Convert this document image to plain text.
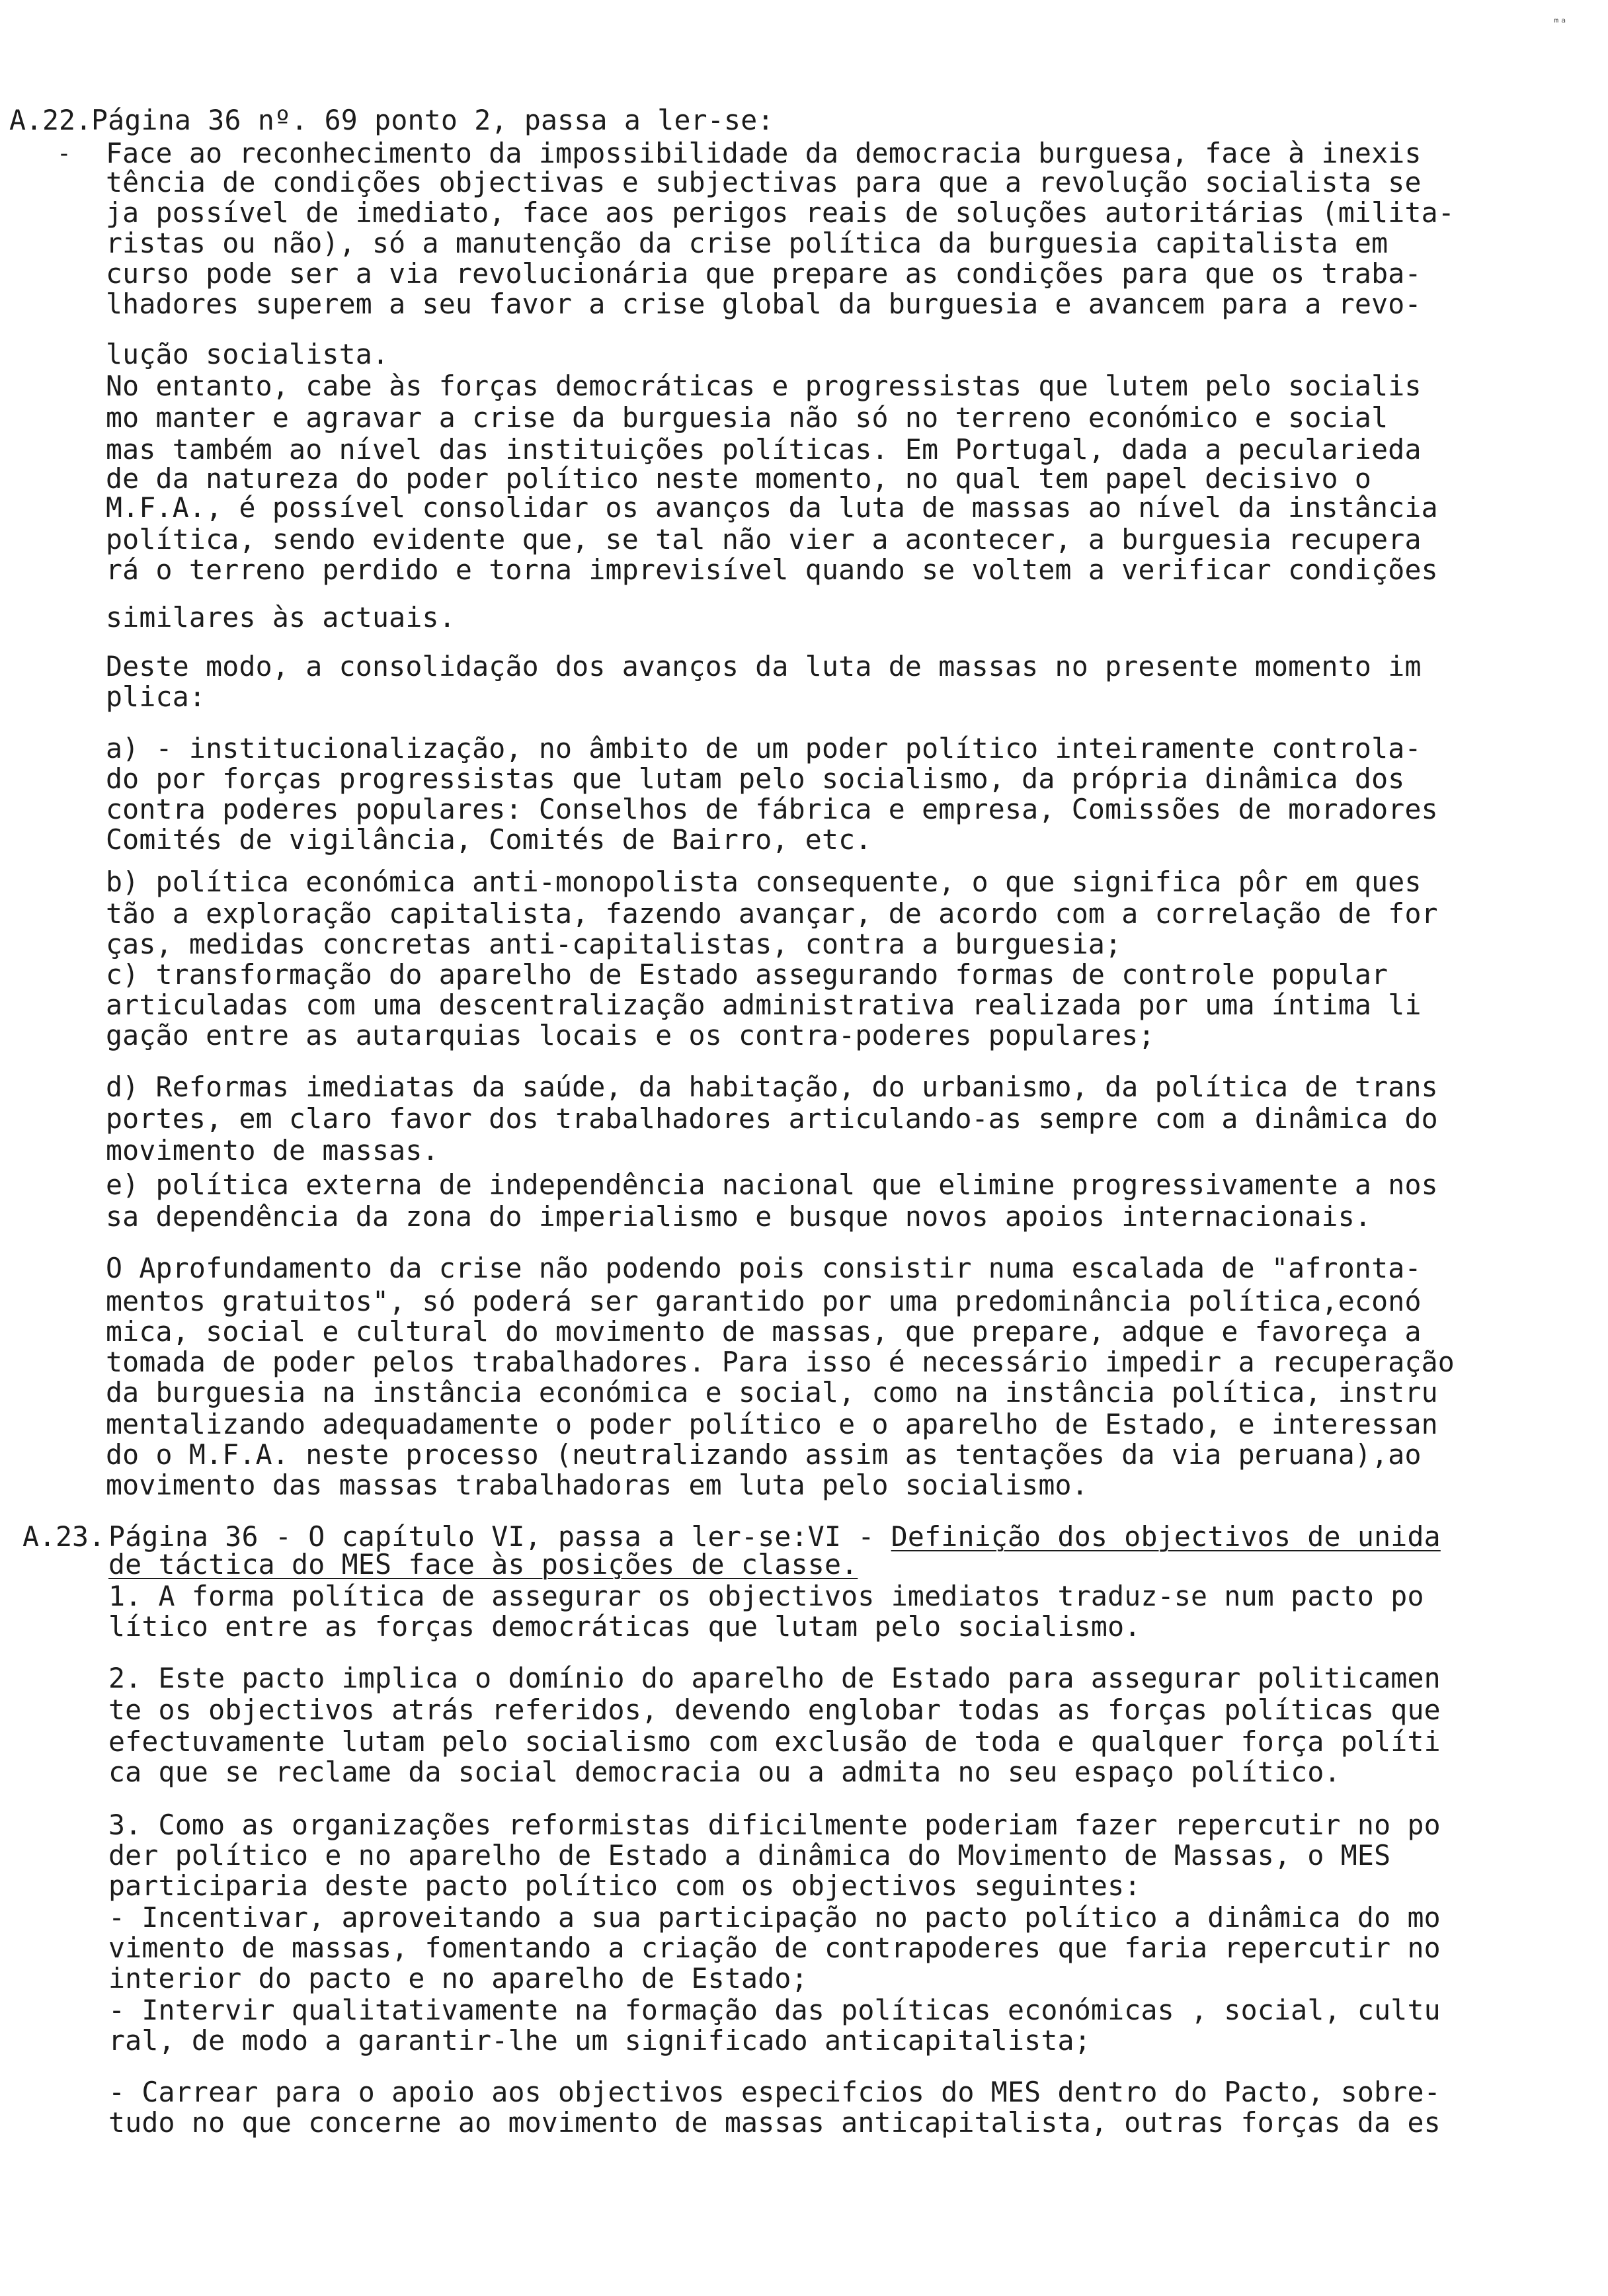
ᵐᵃ
A.22. Página 36 nº. 69 ponto 2, passa a ler-se:
- Face ao reconhecimento da impossibilidade da democracia burguesa, face à inexis
tência de condições objectivas e subjectivas para que a revolução socialista se
ja possível de imediato, face aos perigos reais de soluções autoritárias (milita-
ristas ou não), só a manutenção da crise política da burguesia capitalista em
curso pode ser a via revolucionária que prepare as condições para que os traba-
lhadores superem a seu favor a crise global da burguesia e avancem para a revo-
lução socialista.
No entanto, cabe às forças democráticas e progressistas que lutem pelo socialis
mo manter e agravar a crise da burguesia não só no terreno económico e social
mas também ao nível das instituições políticas. Em Portugal, dada a pecularieda
de da natureza do poder político neste momento, no qual tem papel decisivo o
M.F.A., é possível consolidar os avanços da luta de massas ao nível da instância
política, sendo evidente que, se tal não vier a acontecer, a burguesia recupera
rá o terreno perdido e torna imprevisível quando se voltem a verificar condições
similares às actuais.
Deste modo, a consolidação dos avanços da luta de massas no presente momento im
plica:
a) - institucionalização, no âmbito de um poder político inteiramente controla-
do por forças progressistas que lutam pelo socialismo, da própria dinâmica dos
contra poderes populares: Conselhos de fábrica e empresa, Comissões de moradores
Comités de vigilância, Comités de Bairro, etc.
b) política económica anti-monopolista consequente, o que significa pôr em ques
tão a exploração capitalista, fazendo avançar, de acordo com a correlação de for
ças, medidas concretas anti-capitalistas, contra a burguesia;
c) transformação do aparelho de Estado assegurando formas de controle popular
articuladas com uma descentralização administrativa realizada por uma íntima li
gação entre as autarquias locais e os contra-poderes populares;
d) Reformas imediatas da saúde, da habitação, do urbanismo, da política de trans
portes, em claro favor dos trabalhadores articulando-as sempre com a dinâmica do
movimento de massas.
e) política externa de independência nacional que elimine progressivamente a nos
sa dependência da zona do imperialismo e busque novos apoios internacionais.
O Aprofundamento da crise não podendo pois consistir numa escalada de "afronta-
mentos gratuitos", só poderá ser garantido por uma predominância política,econó
mica, social e cultural do movimento de massas, que prepare, adque e favoreça a
tomada de poder pelos trabalhadores. Para isso é necessário impedir a recuperação
da burguesia na instância económica e social, como na instância política, instru
mentalizando adequadamente o poder político e o aparelho de Estado, e interessan
do o M.F.A. neste processo (neutralizando assim as tentações da via peruana),ao
movimento das massas trabalhadoras em luta pelo socialismo.
A.23. Página 36 - O capítulo VI, passa a ler-se:VI - Definição dos objectivos de unida
de táctica do MES face às posições de classe.
1. A forma política de assegurar os objectivos imediatos traduz-se num pacto po
lítico entre as forças democráticas que lutam pelo socialismo.
2. Este pacto implica o domínio do aparelho de Estado para assegurar politicamen
te os objectivos atrás referidos, devendo englobar todas as forças políticas que
efectuvamente lutam pelo socialismo com exclusão de toda e qualquer força políti
ca que se reclame da social democracia ou a admita no seu espaço político.
3. Como as organizações reformistas dificilmente poderiam fazer repercutir no po
der político e no aparelho de Estado a dinâmica do Movimento de Massas, o MES
participaria deste pacto político com os objectivos seguintes:
- Incentivar, aproveitando a sua participação no pacto político a dinâmica do mo
vimento de massas, fomentando a criação de contrapoderes que faria repercutir no
interior do pacto e no aparelho de Estado;
- Intervir qualitativamente na formação das políticas económicas , social, cultu
ral, de modo a garantir-lhe um significado anticapitalista;
- Carrear para o apoio aos objectivos especifcios do MES dentro do Pacto, sobre-
tudo no que concerne ao movimento de massas anticapitalista, outras forças da es
